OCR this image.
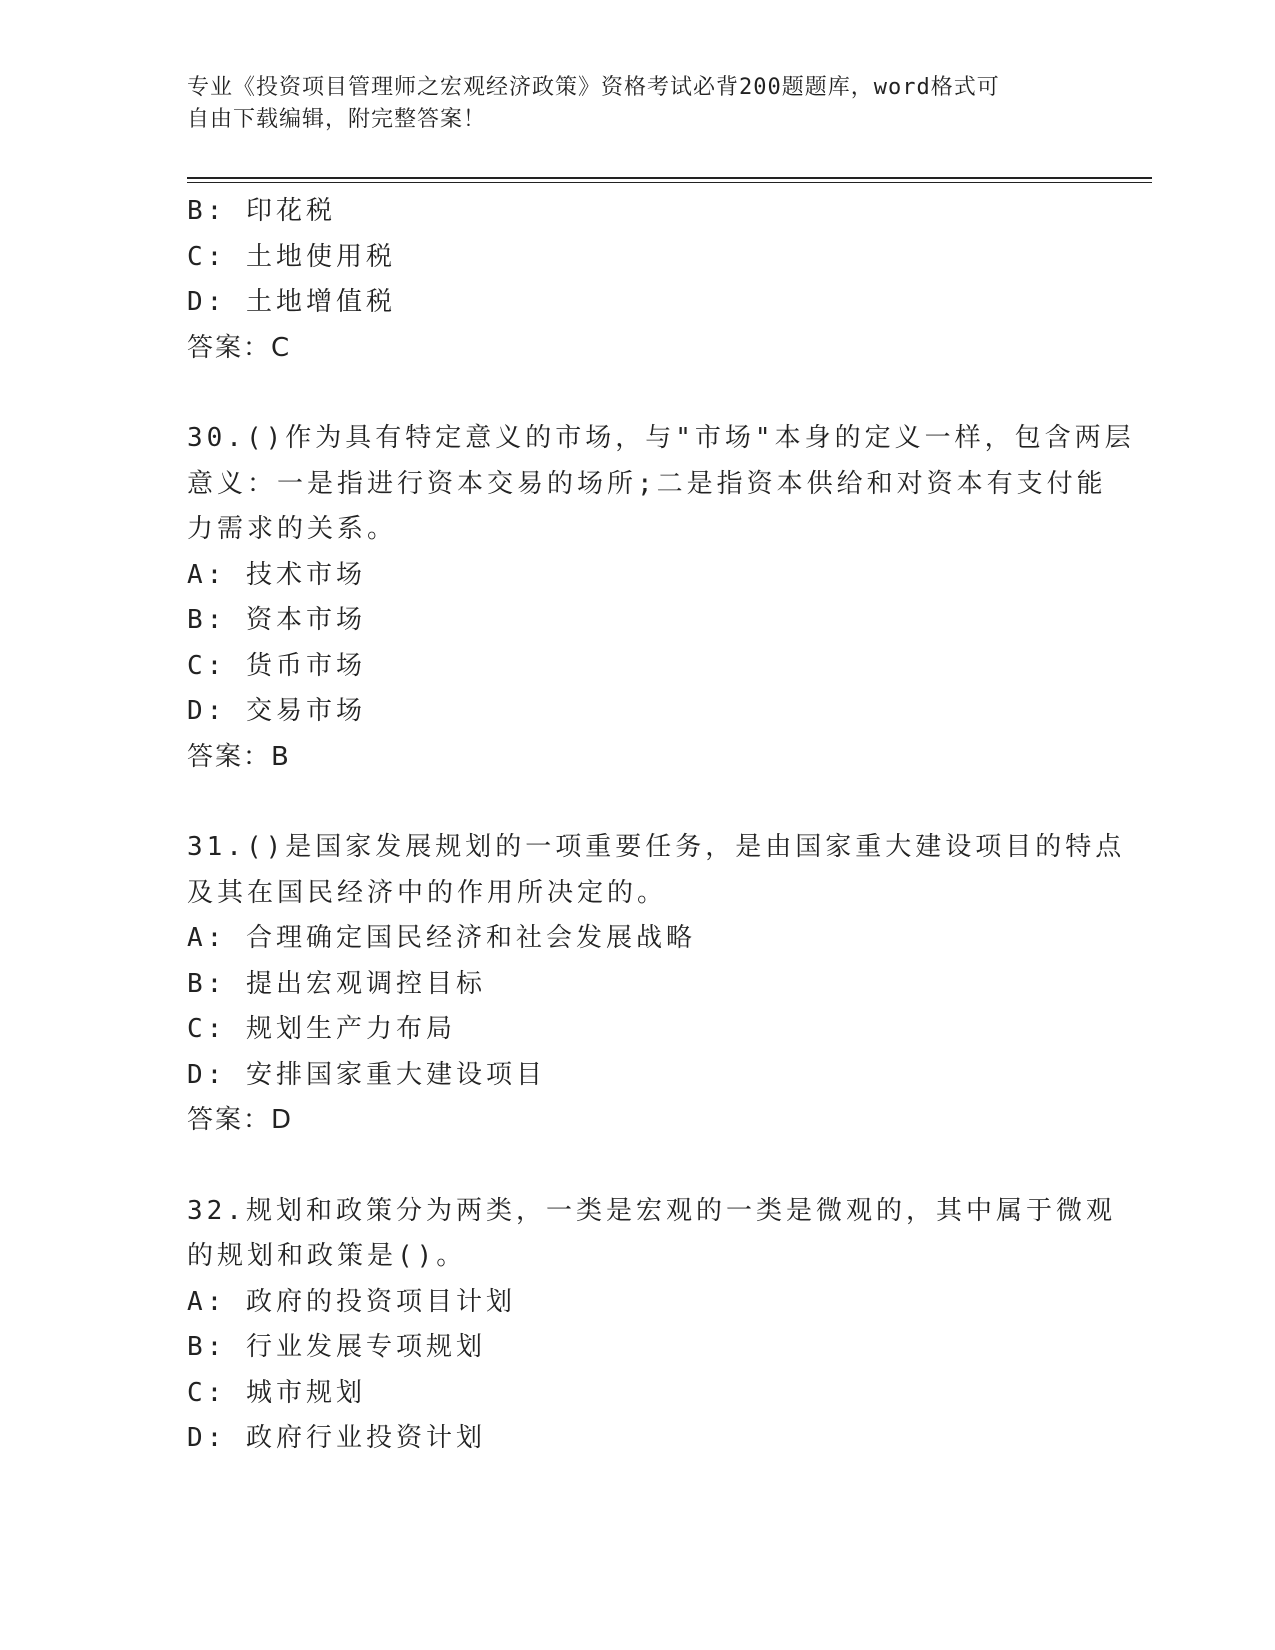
专业《投资项目管理师之宏观经济政策》资格考试必背200题题库，word格式可
自由下载编辑，附完整答案！
B: 印花税
C: 土地使用税
D: 土地增值税
答案：C
30.()作为具有特定意义的市场，与"市场"本身的定义一样，包含两层
意义：一是指进行资本交易的场所;二是指资本供给和对资本有支付能
力需求的关系。
A: 技术市场
B: 资本市场
C: 货币市场
D: 交易市场
答案：B
31.()是国家发展规划的一项重要任务，是由国家重大建设项目的特点
及其在国民经济中的作用所决定的。
A: 合理确定国民经济和社会发展战略
B: 提出宏观调控目标
C: 规划生产力布局
D: 安排国家重大建设项目
答案：D
32.规划和政策分为两类，一类是宏观的一类是微观的，其中属于微观
的规划和政策是()。
A: 政府的投资项目计划
B: 行业发展专项规划
C: 城市规划
D: 政府行业投资计划
